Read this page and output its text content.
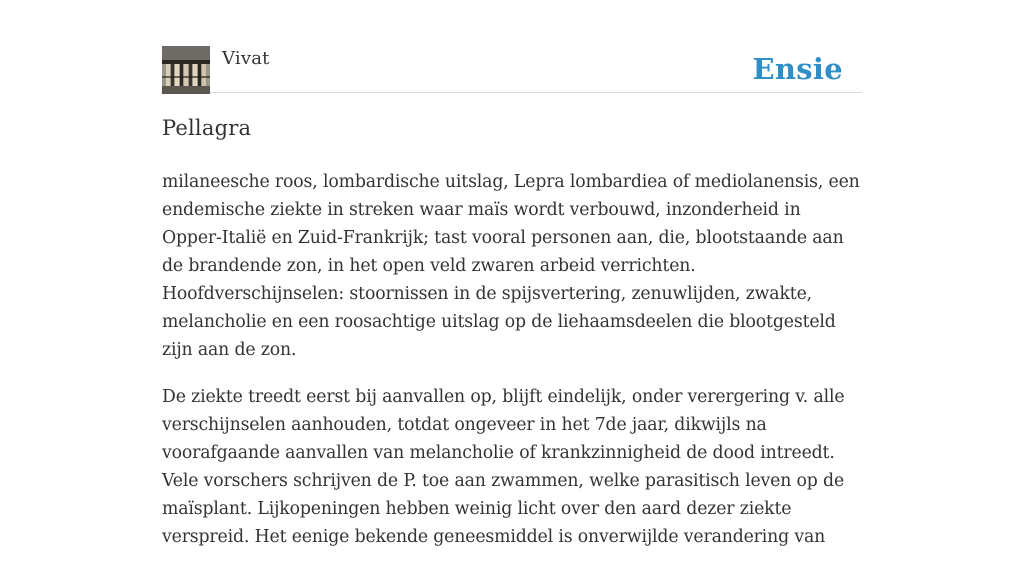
Vivat	Ensie
Pellagra

milaneesche roos, lombardische uitslag, Lepra lombardiea of mediolanensis, een endemische ziekte in streken waar maïs wordt verbouwd, inzonderheid in Opper-Italië en Zuid-Frankrijk; tast vooral personen aan, die, blootstaande aan de brandende zon, in het open veld zwaren arbeid verrichten. Hoofdverschijnselen: stoornissen in de spijsvertering, zenuwlijden, zwakte, melancholie en een roosachtige uitslag op de liehaamsdeelen die blootgesteld zijn aan de zon.

De ziekte treedt eerst bij aanvallen op, blijft eindelijk, onder verergering v. alle verschijnselen aanhouden, totdat ongeveer in het 7de jaar, dikwijls na voorafgaande aanvallen van melancholie of krankzinnigheid de dood intreedt. Vele vorschers schrijven de P. toe aan zwammen, welke parasitisch leven op de maïsplant. Lijkopeningen hebben weinig licht over den aard dezer ziekte verspreid. Het eenige bekende geneesmiddel is onverwijlde verandering van
